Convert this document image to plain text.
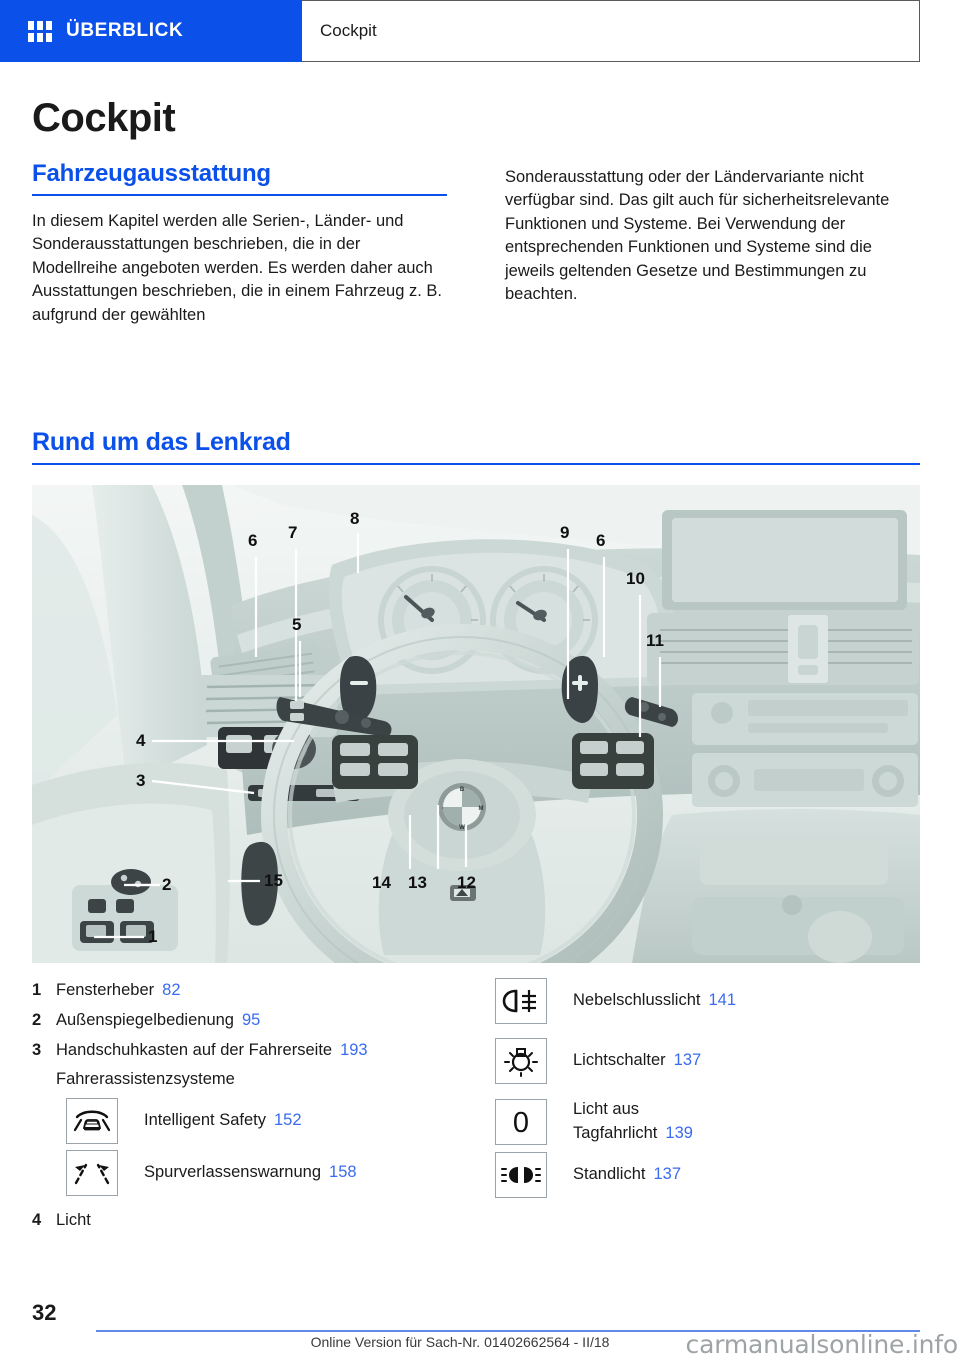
ÜBERBLICK	Cockpit
Cockpit
Fahrzeugausstattung

In diesem Kapitel werden alle Serien-, Länder- und Sonderausstattungen beschrieben, die in der Modellreihe angeboten werden. Es werden daher auch Ausstattungen beschrieben, die in einem Fahrzeug z. B. aufgrund der gewählten

Sonderausstattung oder der Ländervariante nicht verfügbar sind. Das gilt auch für sicherheitsrelevante Funktionen und Systeme. Bei Verwendung der entsprechenden Funktionen und Systeme sind die jeweils geltenden Gesetze und Bestimmungen zu beachten.

Rund um das Lenkrad
B
M
W
·
8
6 7	9 6
10
11
5
4
3
2
1
15	14 13 12
1 Fensterheber 82
2 Außenspiegelbedienung 95
3 Handschuhkasten auf der Fahrerseite 193
Fahrerassistenzsysteme
Intelligent Safety 152
Spurverlassenswarnung 158
4 Licht
Nebelschlusslicht 141
Lichtschalter 137
0	Licht aus
Tagfahrlicht 139
Standlicht 137
32
Online Version für Sach-Nr. 01402662564 - II/18	carmanualsonline.info
